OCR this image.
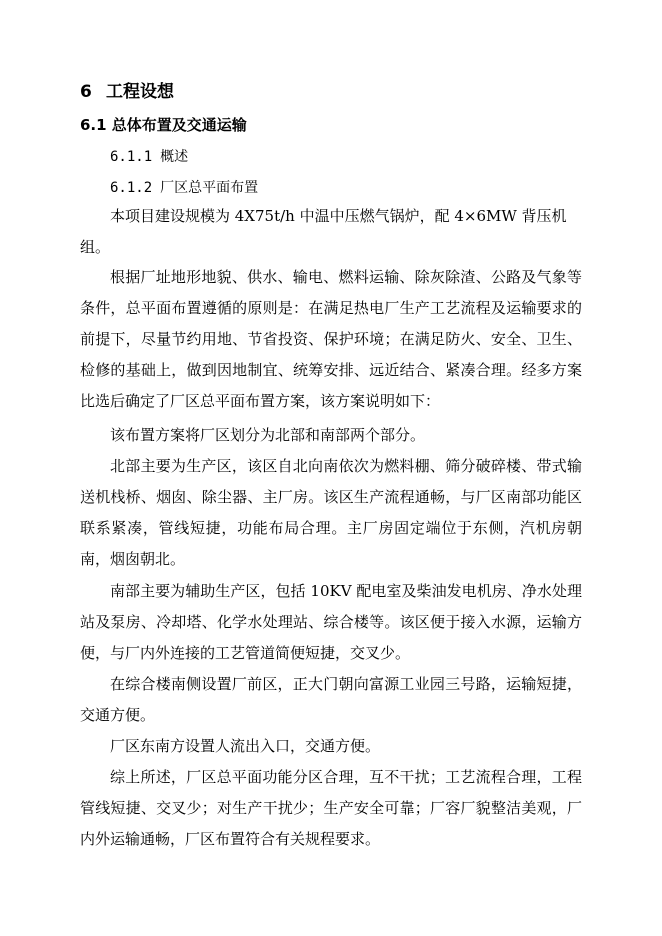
6 工程设想
6.1 总体布置及交通运输
6.1.1 概述
6.1.2 厂区总平面布置

本项目建设规模为 4X75t/h 中温中压燃气锅炉，配 4×6MW 背压机组。

根据厂址地形地貌、供水、输电、燃料运输、除灰除渣、公路及气象等条件，总平面布置遵循的原则是：在满足热电厂生产工艺流程及运输要求的前提下，尽量节约用地、节省投资、保护环境；在满足防火、安全、卫生、检修的基础上，做到因地制宜、统筹安排、远近结合、紧凑合理。经多方案比选后确定了厂区总平面布置方案，该方案说明如下：

该布置方案将厂区划分为北部和南部两个部分。

北部主要为生产区，该区自北向南依次为燃料棚、筛分破碎楼、带式输送机栈桥、烟囱、除尘器、主厂房。该区生产流程通畅，与厂区南部功能区联系紧凑，管线短捷，功能布局合理。主厂房固定端位于东侧，汽机房朝南，烟囱朝北。

南部主要为辅助生产区，包括 10KV 配电室及柴油发电机房、净水处理站及泵房、冷却塔、化学水处理站、综合楼等。该区便于接入水源，运输方便，与厂内外连接的工艺管道简便短捷，交叉少。

在综合楼南侧设置厂前区，正大门朝向富源工业园三号路，运输短捷，交通方便。

厂区东南方设置人流出入口，交通方便。

综上所述，厂区总平面功能分区合理，互不干扰；工艺流程合理，工程管线短捷、交叉少；对生产干扰少；生产安全可靠；厂容厂貌整洁美观，厂内外运输通畅，厂区布置符合有关规程要求。
